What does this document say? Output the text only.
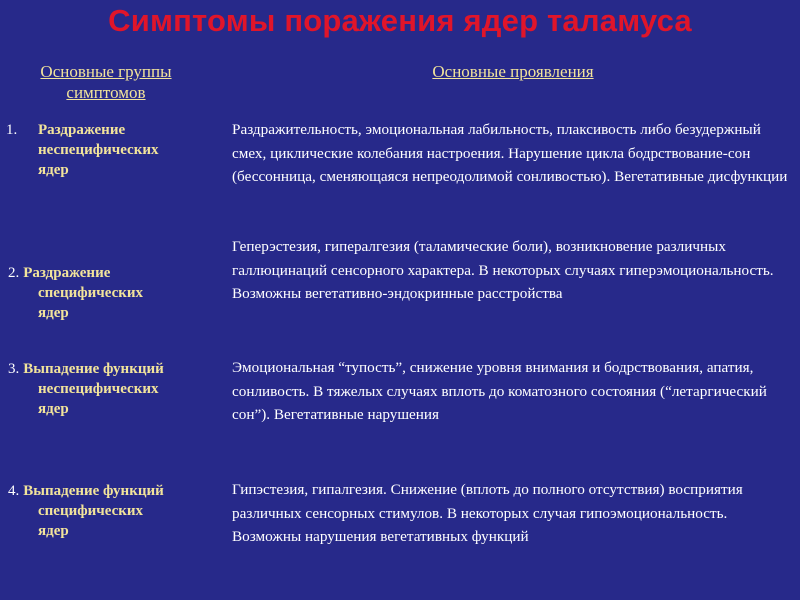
Симптомы поражения ядер таламуса
Основные группы симптомов
Основные проявления
1. Раздражение
неспецифических
ядер
Раздражительность, эмоциональная лабильность, плаксивость либо безудержный смех, циклические колебания настроения. Нарушение цикла бодрствование-сон (бессонница, сменяющаяся непреодолимой сонливостью). Вегетативные дисфункции
2. Раздражение
специфических
ядер
Геперэстезия, гипералгезия (таламические боли), возникновение различных галлюцинаций сенсорного характера. В некоторых случаях гиперэмоциональность. Возможны вегетативно-эндокринные расстройства
3. Выпадение функций
неспецифических
ядер
Эмоциональная “тупость”, снижение уровня внимания и бодрствования, апатия, сонливость. В тяжелых случаях вплоть до коматозного состояния (“летаргический сон”). Вегетативные нарушения
4. Выпадение функций
специфических
ядер
Гипэстезия, гипалгезия. Снижение (вплоть до полного отсутствия) восприятия различных сенсорных стимулов. В некоторых случая гипоэмоциональность. Возможны нарушения вегетативных функций
